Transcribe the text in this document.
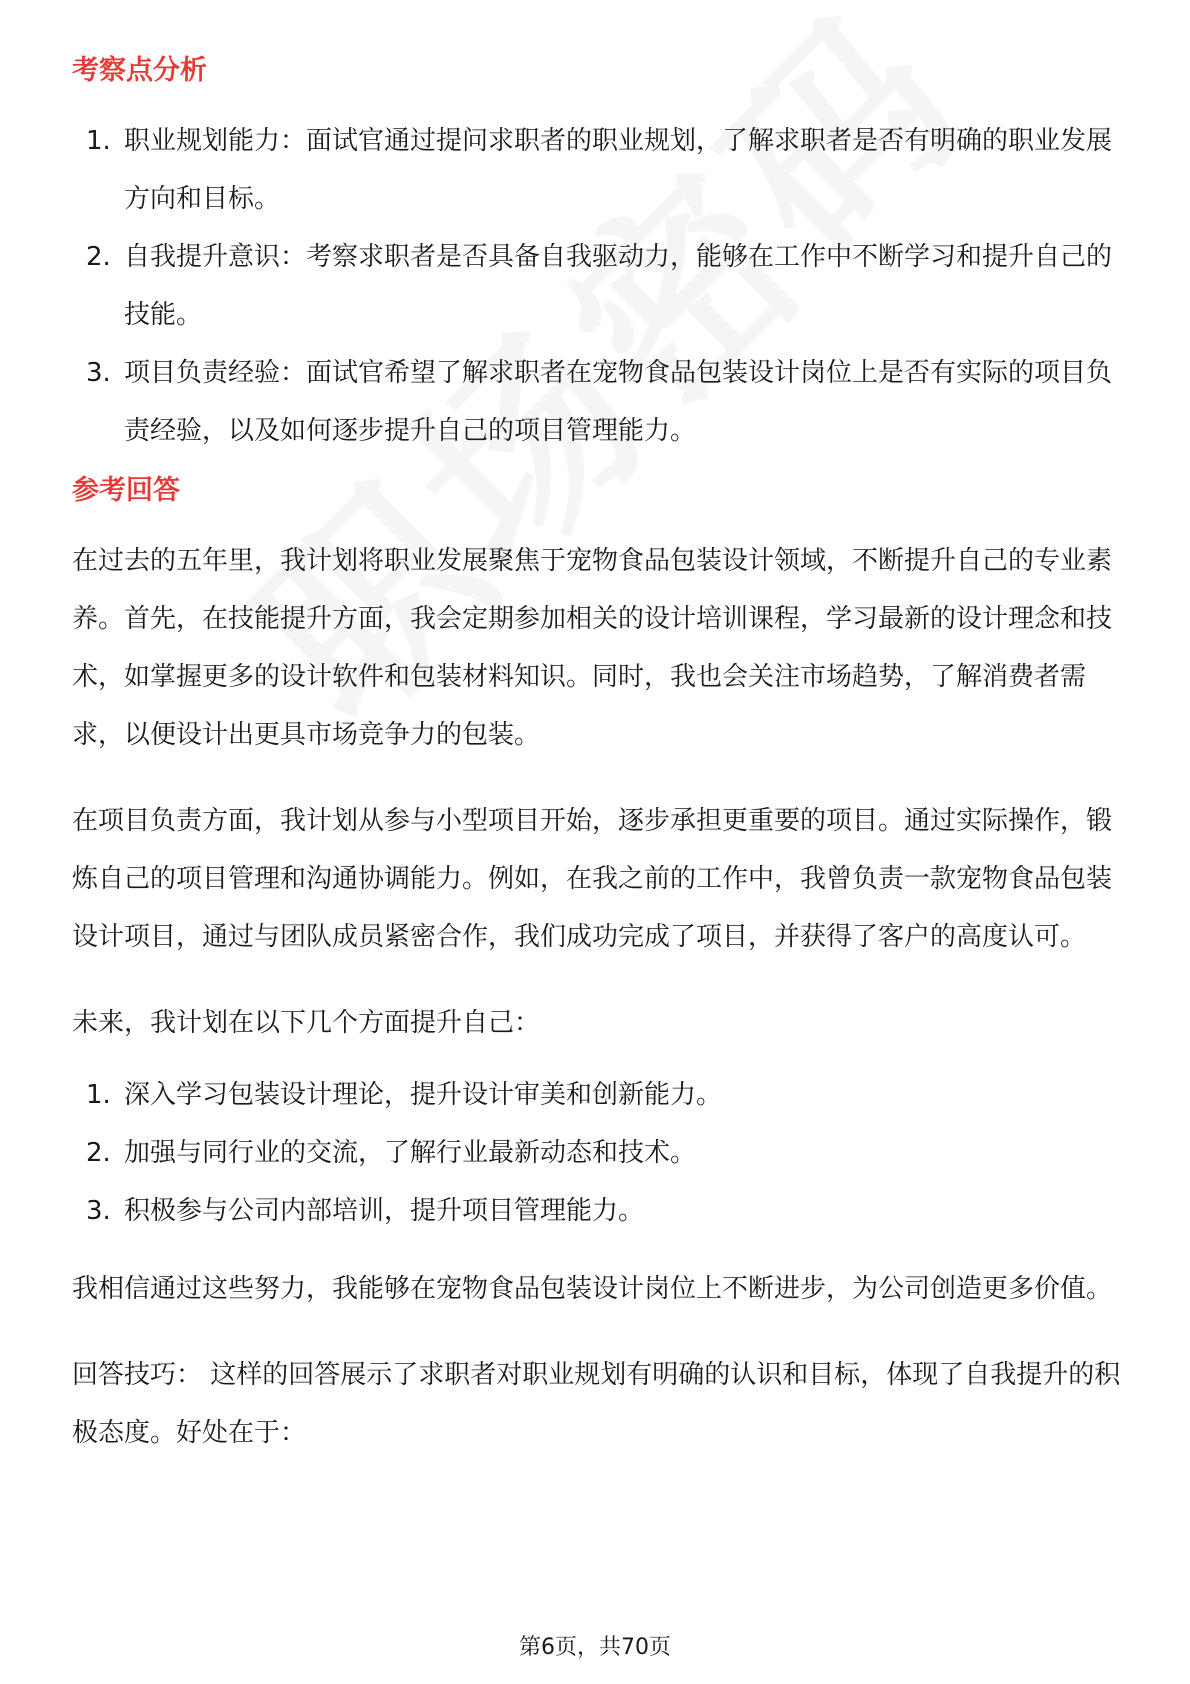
考察点分析
1. 职业规划能力：面试官通过提问求职者的职业规划，了解求职者是否有明确的职业发展方向和目标。
2. 自我提升意识：考察求职者是否具备自我驱动力，能够在工作中不断学习和提升自己的技能。
3. 项目负责经验：面试官希望了解求职者在宠物食品包装设计岗位上是否有实际的项目负责经验，以及如何逐步提升自己的项目管理能力。
参考回答

在过去的五年里，我计划将职业发展聚焦于宠物食品包装设计领域，不断提升自己的专业素养。首先，在技能提升方面，我会定期参加相关的设计培训课程，学习最新的设计理念和技术，如掌握更多的设计软件和包装材料知识。同时，我也会关注市场趋势，了解消费者需求，以便设计出更具市场竞争力的包装。

在项目负责方面，我计划从参与小型项目开始，逐步承担更重要的项目。通过实际操作，锻炼自己的项目管理和沟通协调能力。例如，在我之前的工作中，我曾负责一款宠物食品包装设计项目，通过与团队成员紧密合作，我们成功完成了项目，并获得了客户的高度认可。

未来，我计划在以下几个方面提升自己：

1. 深入学习包装设计理论，提升设计审美和创新能力。
2. 加强与同行业的交流，了解行业最新动态和技术。
3. 积极参与公司内部培训，提升项目管理能力。

我相信通过这些努力，我能够在宠物食品包装设计岗位上不断进步，为公司创造更多价值。

回答技巧： 这样的回答展示了求职者对职业规划有明确的认识和目标，体现了自我提升的积极态度。好处在于：

第6页，共70页
